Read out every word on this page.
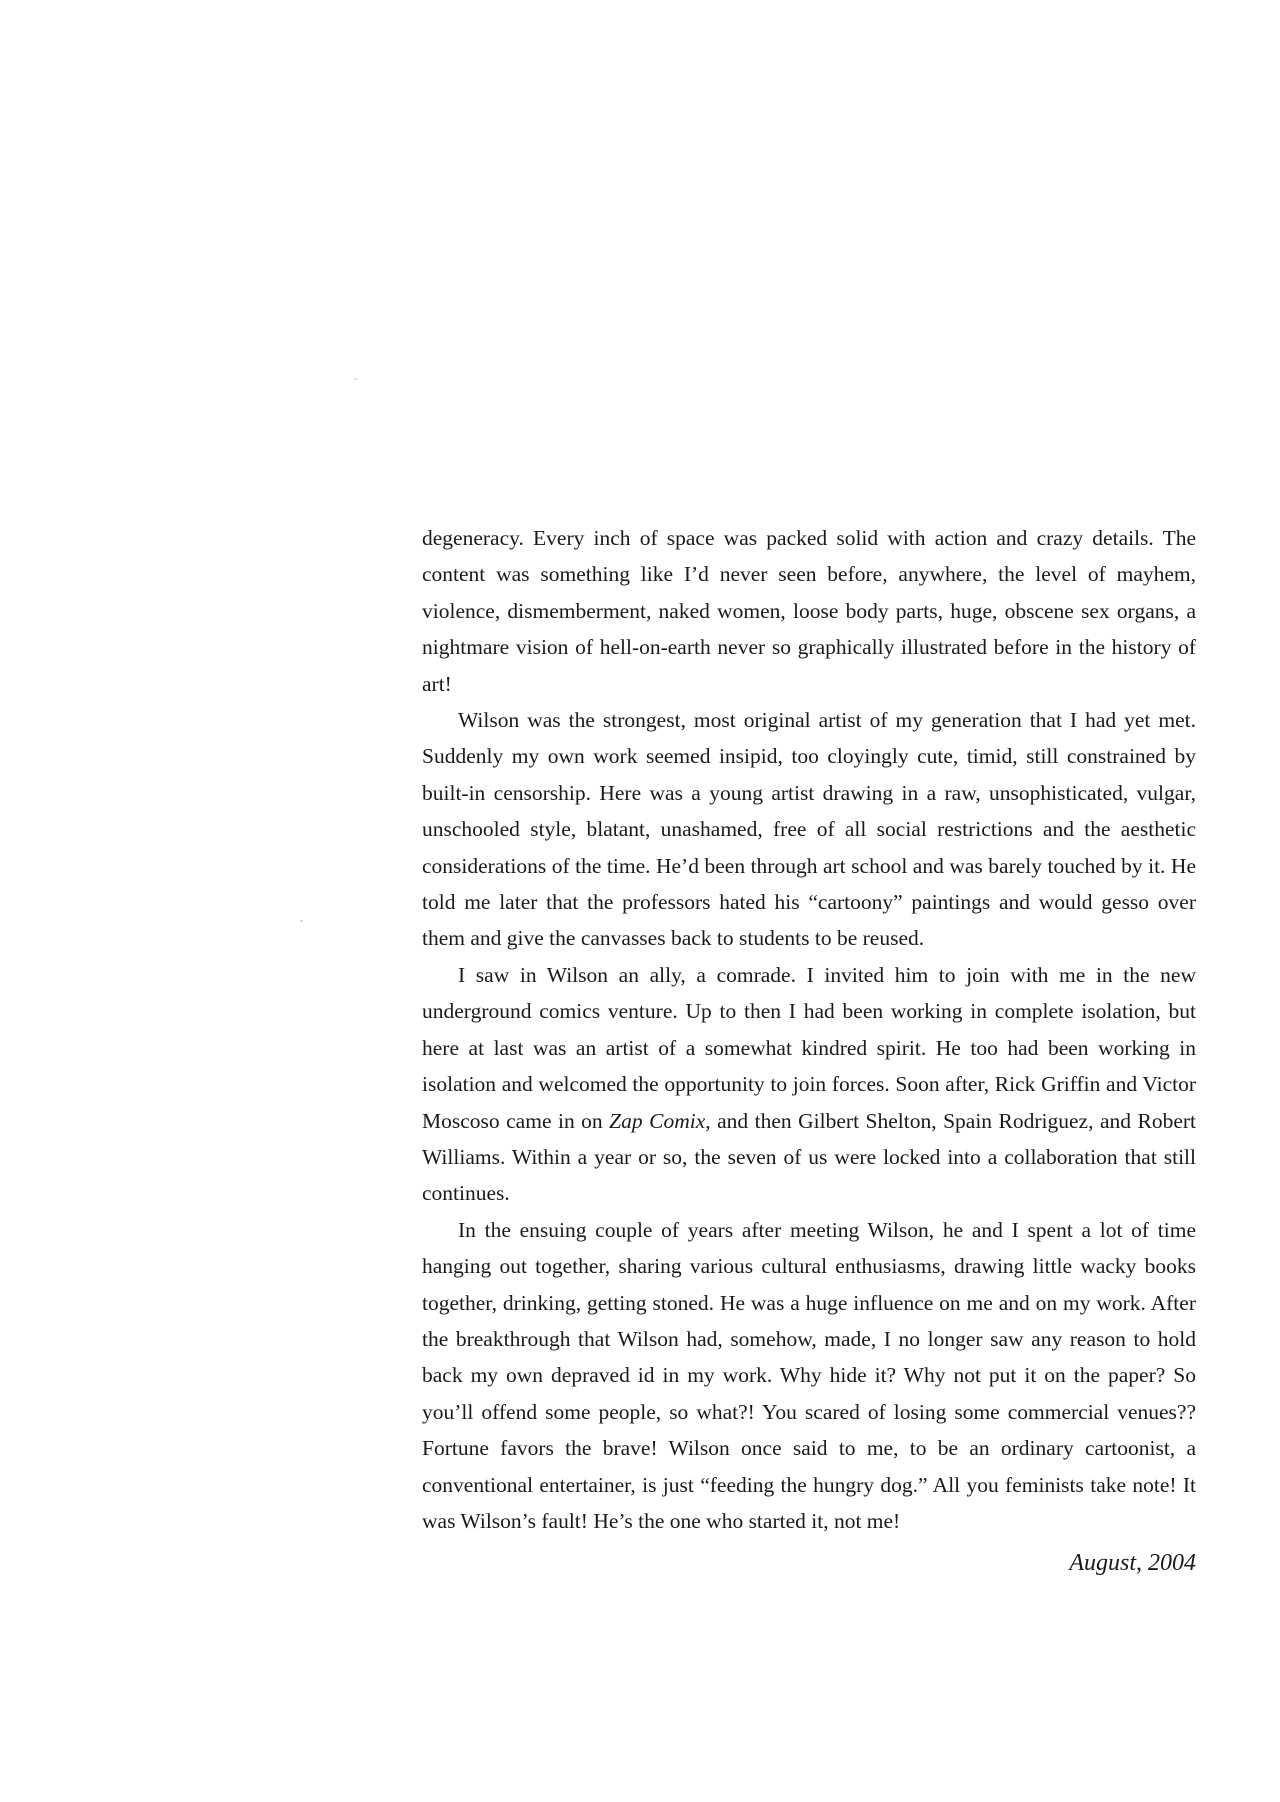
degeneracy. Every inch of space was packed solid with action and crazy details. The content was something like I’d never seen before, anywhere, the level of mayhem, violence, dismemberment, naked women, loose body parts, huge, obscene sex organs, a nightmare vision of hell-on-earth never so graphically illustrated before in the history of art!

Wilson was the strongest, most original artist of my generation that I had yet met. Suddenly my own work seemed insipid, too cloyingly cute, timid, still constrained by built-in censorship. Here was a young artist drawing in a raw, unsophisticated, vulgar, unschooled style, blatant, unashamed, free of all social restrictions and the aesthetic considerations of the time. He’d been through art school and was barely touched by it. He told me later that the professors hated his “cartoony” paintings and would gesso over them and give the canvasses back to students to be reused.

I saw in Wilson an ally, a comrade. I invited him to join with me in the new underground comics venture. Up to then I had been working in complete isolation, but here at last was an artist of a somewhat kindred spirit. He too had been working in isolation and welcomed the opportunity to join forces. Soon after, Rick Griffin and Victor Moscoso came in on Zap Comix, and then Gilbert Shelton, Spain Rodriguez, and Robert Williams. Within a year or so, the seven of us were locked into a collaboration that still continues.

In the ensuing couple of years after meeting Wilson, he and I spent a lot of time hanging out together, sharing various cultural enthusiasms, drawing little wacky books together, drinking, getting stoned. He was a huge influence on me and on my work. After the breakthrough that Wilson had, somehow, made, I no longer saw any reason to hold back my own depraved id in my work. Why hide it? Why not put it on the paper? So you’ll offend some people, so what?! You scared of losing some commercial venues?? Fortune favors the brave! Wilson once said to me, to be an ordinary cartoonist, a conventional entertainer, is just “feeding the hungry dog.” All you feminists take note! It was Wilson’s fault! He’s the one who started it, not me!

August, 2004
